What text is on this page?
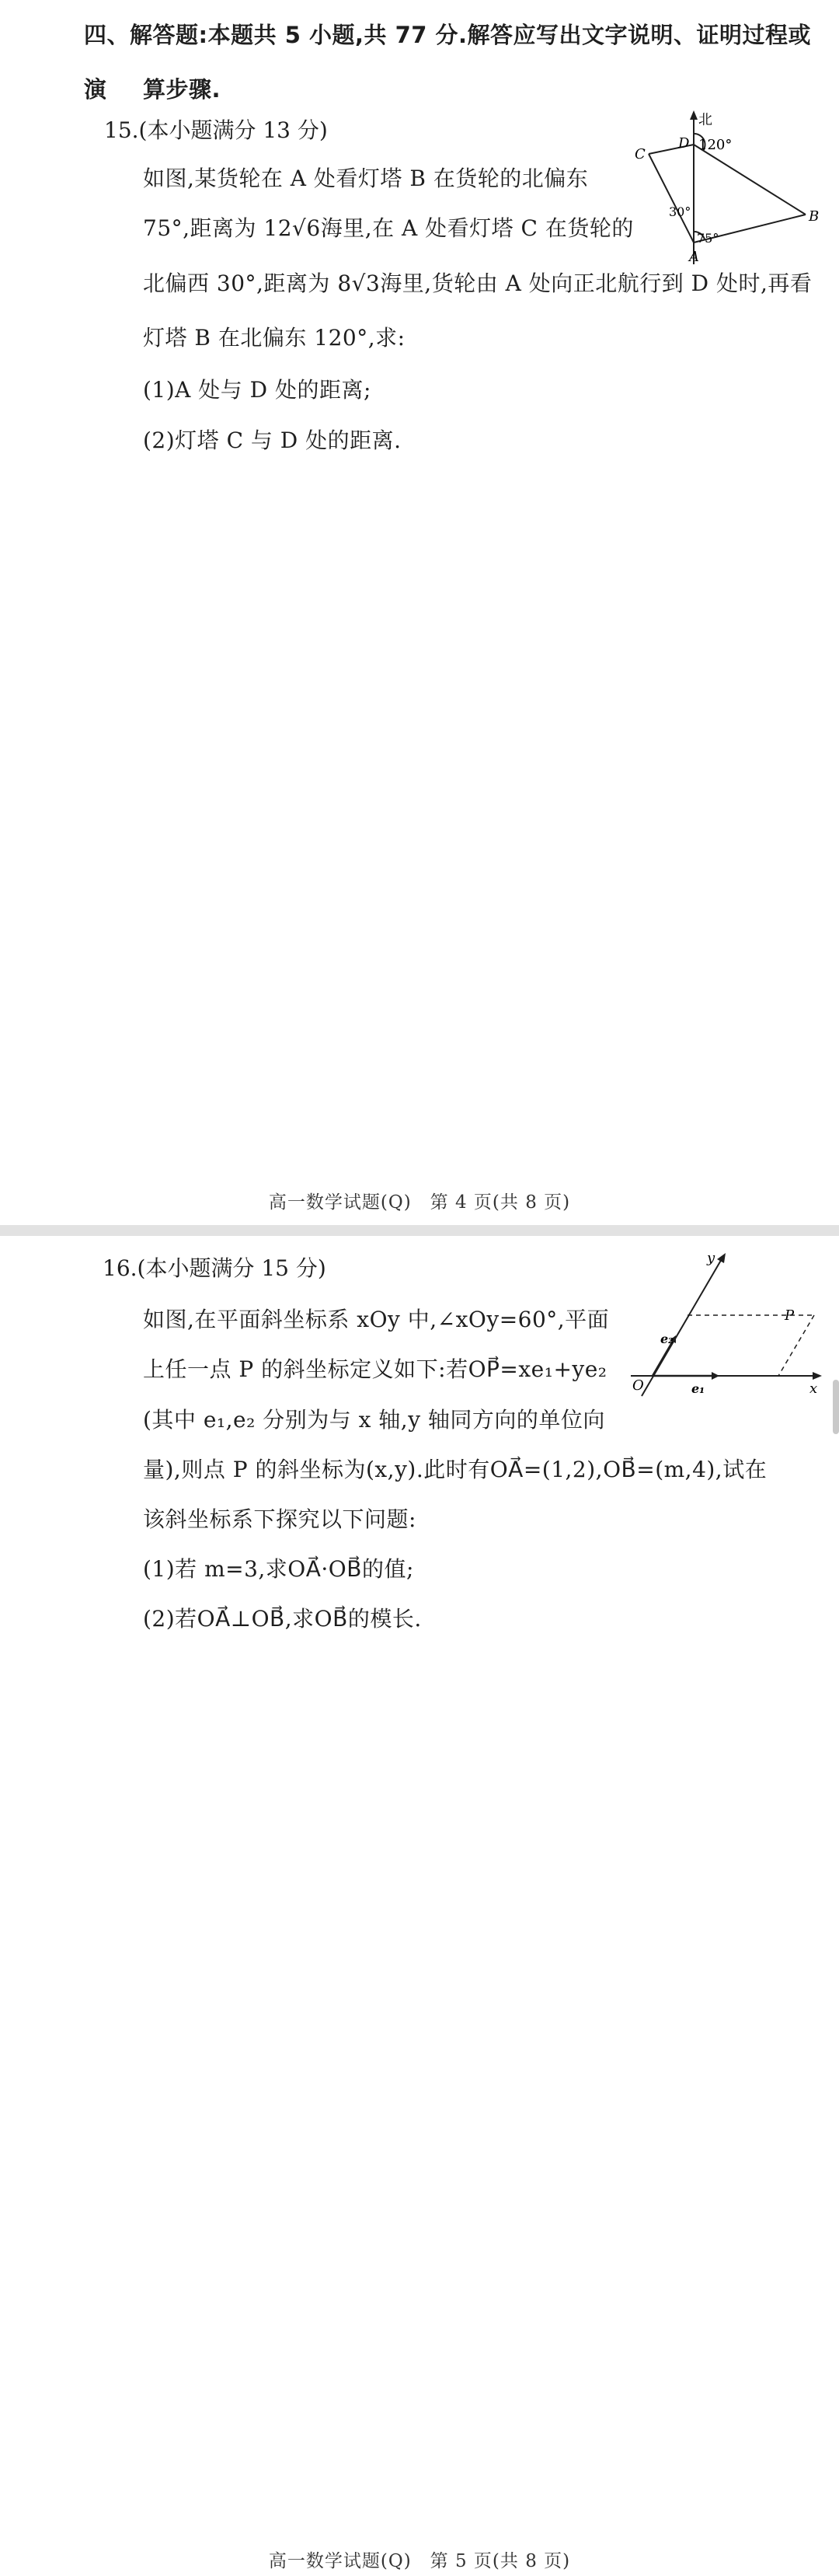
四、解答题:本题共 5 小题,共 77 分.解答应写出文字说明、证明过程或演	算步骤.
15.(本小题满分 13 分)
如图,某货轮在 A 处看灯塔 B 在货轮的北偏东
75°,距离为 12√6海里,在 A 处看灯塔 C 在货轮的
北偏西 30°,距离为 8√3海里,货轮由 A 处向正北航行到 D 处时,再看
灯塔 B 在北偏东 120°,求:
(1)A 处与 D 处的距离;
(2)灯塔 C 与 D 处的距离.
北
120°
30°
75°
D
C
B
A
高一数学试题(Q)　第 4 页(共 8 页)
16.(本小题满分 15 分)
如图,在平面斜坐标系 xOy 中,∠xOy=60°,平面
上任一点 P 的斜坐标定义如下:若OP⃗=xe₁+ye₂
(其中 e₁,e₂ 分别为与 x 轴,y 轴同方向的单位向
量),则点 P 的斜坐标为(x,y).此时有OA⃗=(1,2),OB⃗=(m,4),试在
该斜坐标系下探究以下问题:
(1)若 m=3,求OA⃗·OB⃗的值;
(2)若OA⃗⊥OB⃗,求OB⃗的模长.
y
x
O
P
e₁
e₂
高一数学试题(Q)　第 5 页(共 8 页)
